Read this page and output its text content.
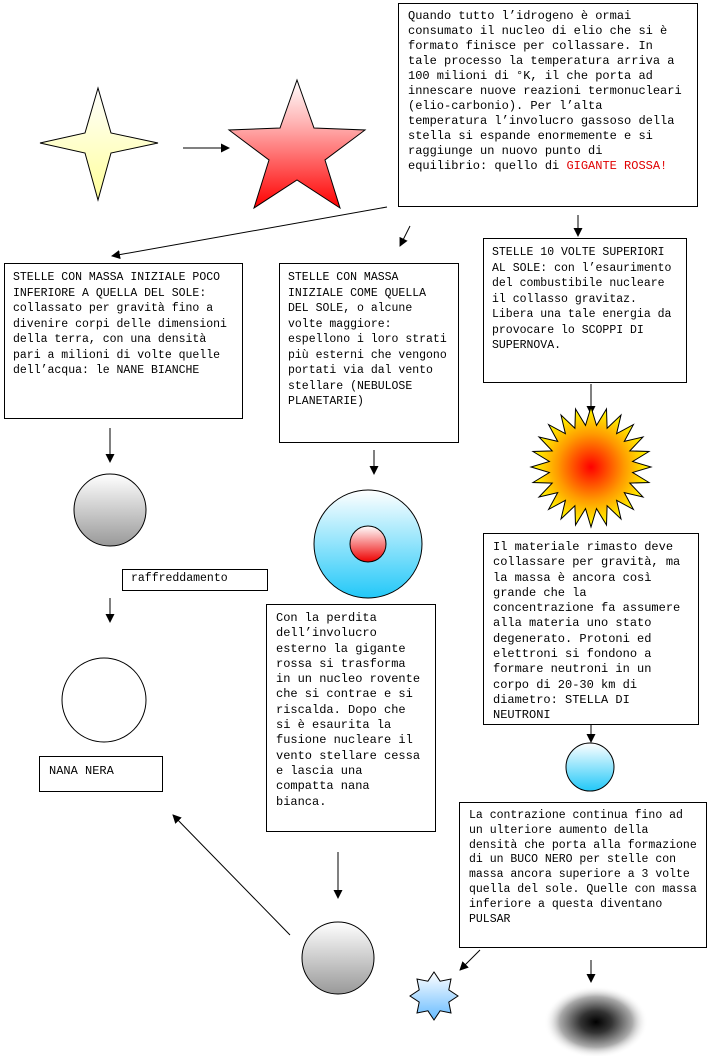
Quando tutto l’idrogeno è ormai consumato il nucleo di elio che si è formato finisce per collassare. In tale processo la temperatura arriva a 100 milioni di °K, il che porta ad innescare nuove reazioni termonucleari (elio-carbonio). Per l’alta temperatura l’involucro gassoso della stella si espande enormemente e si raggiunge un nuovo punto di equilibrio: quello di GIGANTE ROSSA!
STELLE CON MASSA INIZIALE POCO INFERIORE A QUELLA DEL SOLE: collassato per gravità fino a divenire corpi delle dimensioni della terra, con una densità pari a milioni di volte quelle dell’acqua: le NANE BIANCHE
STELLE CON MASSA INIZIALE COME QUELLA DEL SOLE, o alcune volte maggiore: espellono i loro strati più esterni che vengono portati via dal vento stellare (NEBULOSE PLANETARIE)
STELLE 10 VOLTE SUPERIORI AL SOLE: con l’esaurimento del combustibile nucleare il collasso gravitaz. Libera una tale energia da provocare lo SCOPPI DI SUPERNOVA.
raffreddamento
NANA NERA
Con la perdita dell’involucro esterno la gigante rossa si trasforma in un nucleo rovente che si contrae e si riscalda. Dopo che si è esaurita la fusione nucleare il vento stellare cessa e lascia una compatta nana bianca.
Il materiale rimasto deve collassare per gravità, ma la massa è ancora così grande che la concentrazione fa assumere alla materia uno stato degenerato. Protoni ed elettroni si fondono a formare neutroni in un corpo di 20-30 km di diametro: STELLA DI NEUTRONI
La contrazione continua fino ad un ulteriore aumento della densità che porta alla formazione di un BUCO NERO per stelle con massa ancora superiore a 3 volte quella del sole. Quelle con massa inferiore a questa diventano PULSAR
